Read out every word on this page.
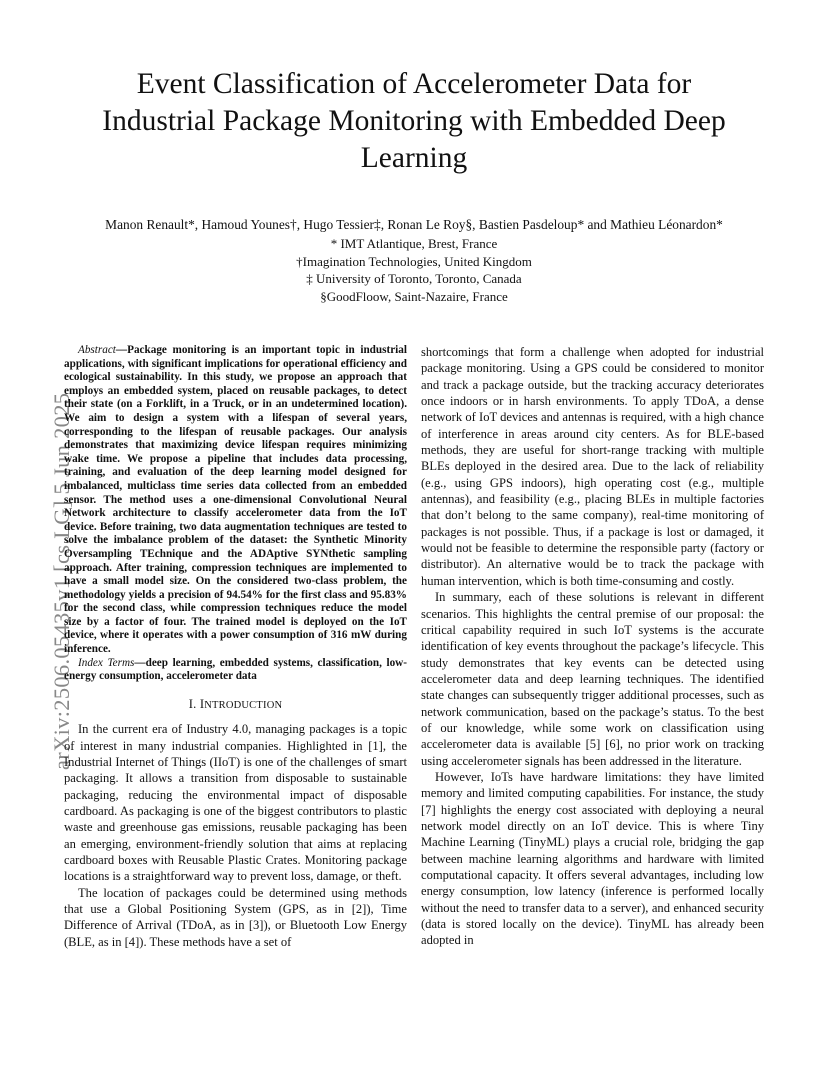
arXiv:2506.05435v1 [cs.LG] 5 Jun 2025
Event Classification of Accelerometer Data for Industrial Package Monitoring with Embedded Deep Learning

Manon Renault*, Hamoud Younes†, Hugo Tessier‡, Ronan Le Roy§, Bastien Pasdeloup* and Mathieu Léonardon*

* IMT Atlantique, Brest, France
†Imagination Technologies, United Kingdom
‡ University of Toronto, Toronto, Canada
§GoodFloow, Saint-Nazaire, France

Abstract—Package monitoring is an important topic in industrial applications, with significant implications for operational efficiency and ecological sustainability. In this study, we propose an approach that employs an embedded system, placed on reusable packages, to detect their state (on a Forklift, in a Truck, or in an undetermined location). We aim to design a system with a lifespan of several years, corresponding to the lifespan of reusable packages. Our analysis demonstrates that maximizing device lifespan requires minimizing wake time. We propose a pipeline that includes data processing, training, and evaluation of the deep learning model designed for imbalanced, multiclass time series data collected from an embedded sensor. The method uses a one-dimensional Convolutional Neural Network architecture to classify accelerometer data from the IoT device. Before training, two data augmentation techniques are tested to solve the imbalance problem of the dataset: the Synthetic Minority Oversampling TEchnique and the ADAptive SYNthetic sampling approach. After training, compression techniques are implemented to have a small model size. On the considered two-class problem, the methodology yields a precision of 94.54% for the first class and 95.83% for the second class, while compression techniques reduce the model size by a factor of four. The trained model is deployed on the IoT device, where it operates with a power consumption of 316 mW during inference.

Index Terms—deep learning, embedded systems, classification, low-energy consumption, accelerometer data

I. INTRODUCTION

In the current era of Industry 4.0, managing packages is a topic of interest in many industrial companies. Highlighted in [1], the Industrial Internet of Things (IIoT) is one of the challenges of smart packaging. It allows a transition from disposable to sustainable packaging, reducing the environmental impact of disposable cardboard. As packaging is one of the biggest contributors to plastic waste and greenhouse gas emissions, reusable packaging has been an emerging, environment-friendly solution that aims at replacing cardboard boxes with Reusable Plastic Crates. Monitoring package locations is a straightforward way to prevent loss, damage, or theft.

The location of packages could be determined using methods that use a Global Positioning System (GPS, as in [2]), Time Difference of Arrival (TDoA, as in [3]), or Bluetooth Low Energy (BLE, as in [4]). These methods have a set of

shortcomings that form a challenge when adopted for industrial package monitoring. Using a GPS could be considered to monitor and track a package outside, but the tracking accuracy deteriorates once indoors or in harsh environments. To apply TDoA, a dense network of IoT devices and antennas is required, with a high chance of interference in areas around city centers. As for BLE-based methods, they are useful for short-range tracking with multiple BLEs deployed in the desired area. Due to the lack of reliability (e.g., using GPS indoors), high operating cost (e.g., multiple antennas), and feasibility (e.g., placing BLEs in multiple factories that don’t belong to the same company), real-time monitoring of packages is not possible. Thus, if a package is lost or damaged, it would not be feasible to determine the responsible party (factory or distributor). An alternative would be to track the package with human intervention, which is both time-consuming and costly.

In summary, each of these solutions is relevant in different scenarios. This highlights the central premise of our proposal: the critical capability required in such IoT systems is the accurate identification of key events throughout the package’s lifecycle. This study demonstrates that key events can be detected using accelerometer data and deep learning techniques. The identified state changes can subsequently trigger additional processes, such as network communication, based on the package’s status. To the best of our knowledge, while some work on classification using accelerometer data is available [5] [6], no prior work on tracking using accelerometer signals has been addressed in the literature.

However, IoTs have hardware limitations: they have limited memory and limited computing capabilities. For instance, the study [7] highlights the energy cost associated with deploying a neural network model directly on an IoT device. This is where Tiny Machine Learning (TinyML) plays a crucial role, bridging the gap between machine learning algorithms and hardware with limited computational capacity. It offers several advantages, including low energy consumption, low latency (inference is performed locally without the need to transfer data to a server), and enhanced security (data is stored locally on the device). TinyML has already been adopted in
